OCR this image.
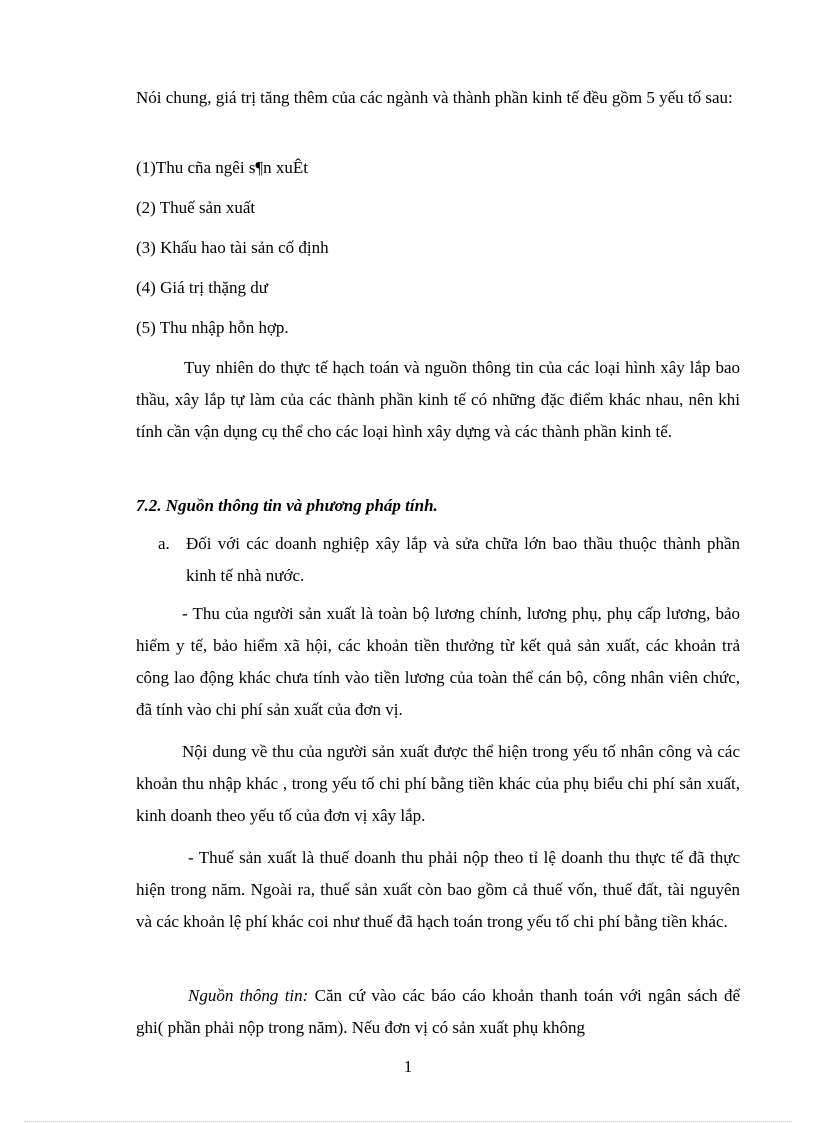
Nói chung, giá trị tăng thêm của các ngành và thành phần kinh tế đều gồm 5 yếu tố sau:

(1)Thu cña ngêi s¶n xuÊt

(2) Thuế sản xuất

(3) Khấu hao tài sản cố định

(4) Giá trị thặng dư

(5) Thu nhập hỗn hợp.

Tuy nhiên do thực tế hạch toán và nguồn thông tin của các loại hình xây lắp bao thầu, xây lắp tự làm của các thành phần kinh tế có những đặc điểm khác nhau, nên khi tính cần vận dụng cụ thể cho các loại hình xây dựng và các thành phần kinh tế.

7.2. Nguồn thông tin và phương pháp tính.

a. Đối với các doanh nghiệp xây lắp và sửa chữa lớn bao thầu thuộc thành phần kinh tế nhà nước.

- Thu của người sản xuất là toàn bộ lương chính, lương phụ, phụ cấp lương, bảo hiểm y tế, bảo hiểm xã hội, các khoản tiền thưởng từ kết quả sản xuất, các khoản trả công lao động khác chưa tính vào tiền lương của toàn thể cán bộ, công nhân viên chức, đã tính vào chi phí sản xuất của đơn vị.

Nội dung về thu của người sản xuất được thể hiện trong yếu tố nhân công và các khoản thu nhập khác , trong yếu tố chi phí bằng tiền khác của phụ biểu chi phí sản xuất, kinh doanh theo yếu tố của đơn vị xây lắp.

- Thuế sản xuất là thuế doanh thu phải nộp theo tỉ lệ doanh thu thực tế đã thực hiện trong năm. Ngoài ra, thuế sản xuất còn bao gồm cả thuế vốn, thuế đất, tài nguyên và các khoản lệ phí khác coi như thuế đã hạch toán trong yếu tố chi phí bằng tiền khác.

Nguồn thông tin: Căn cứ vào các báo cáo khoản thanh toán với ngân sách để ghi( phần phải nộp trong năm). Nếu đơn vị có sản xuất phụ không

1
